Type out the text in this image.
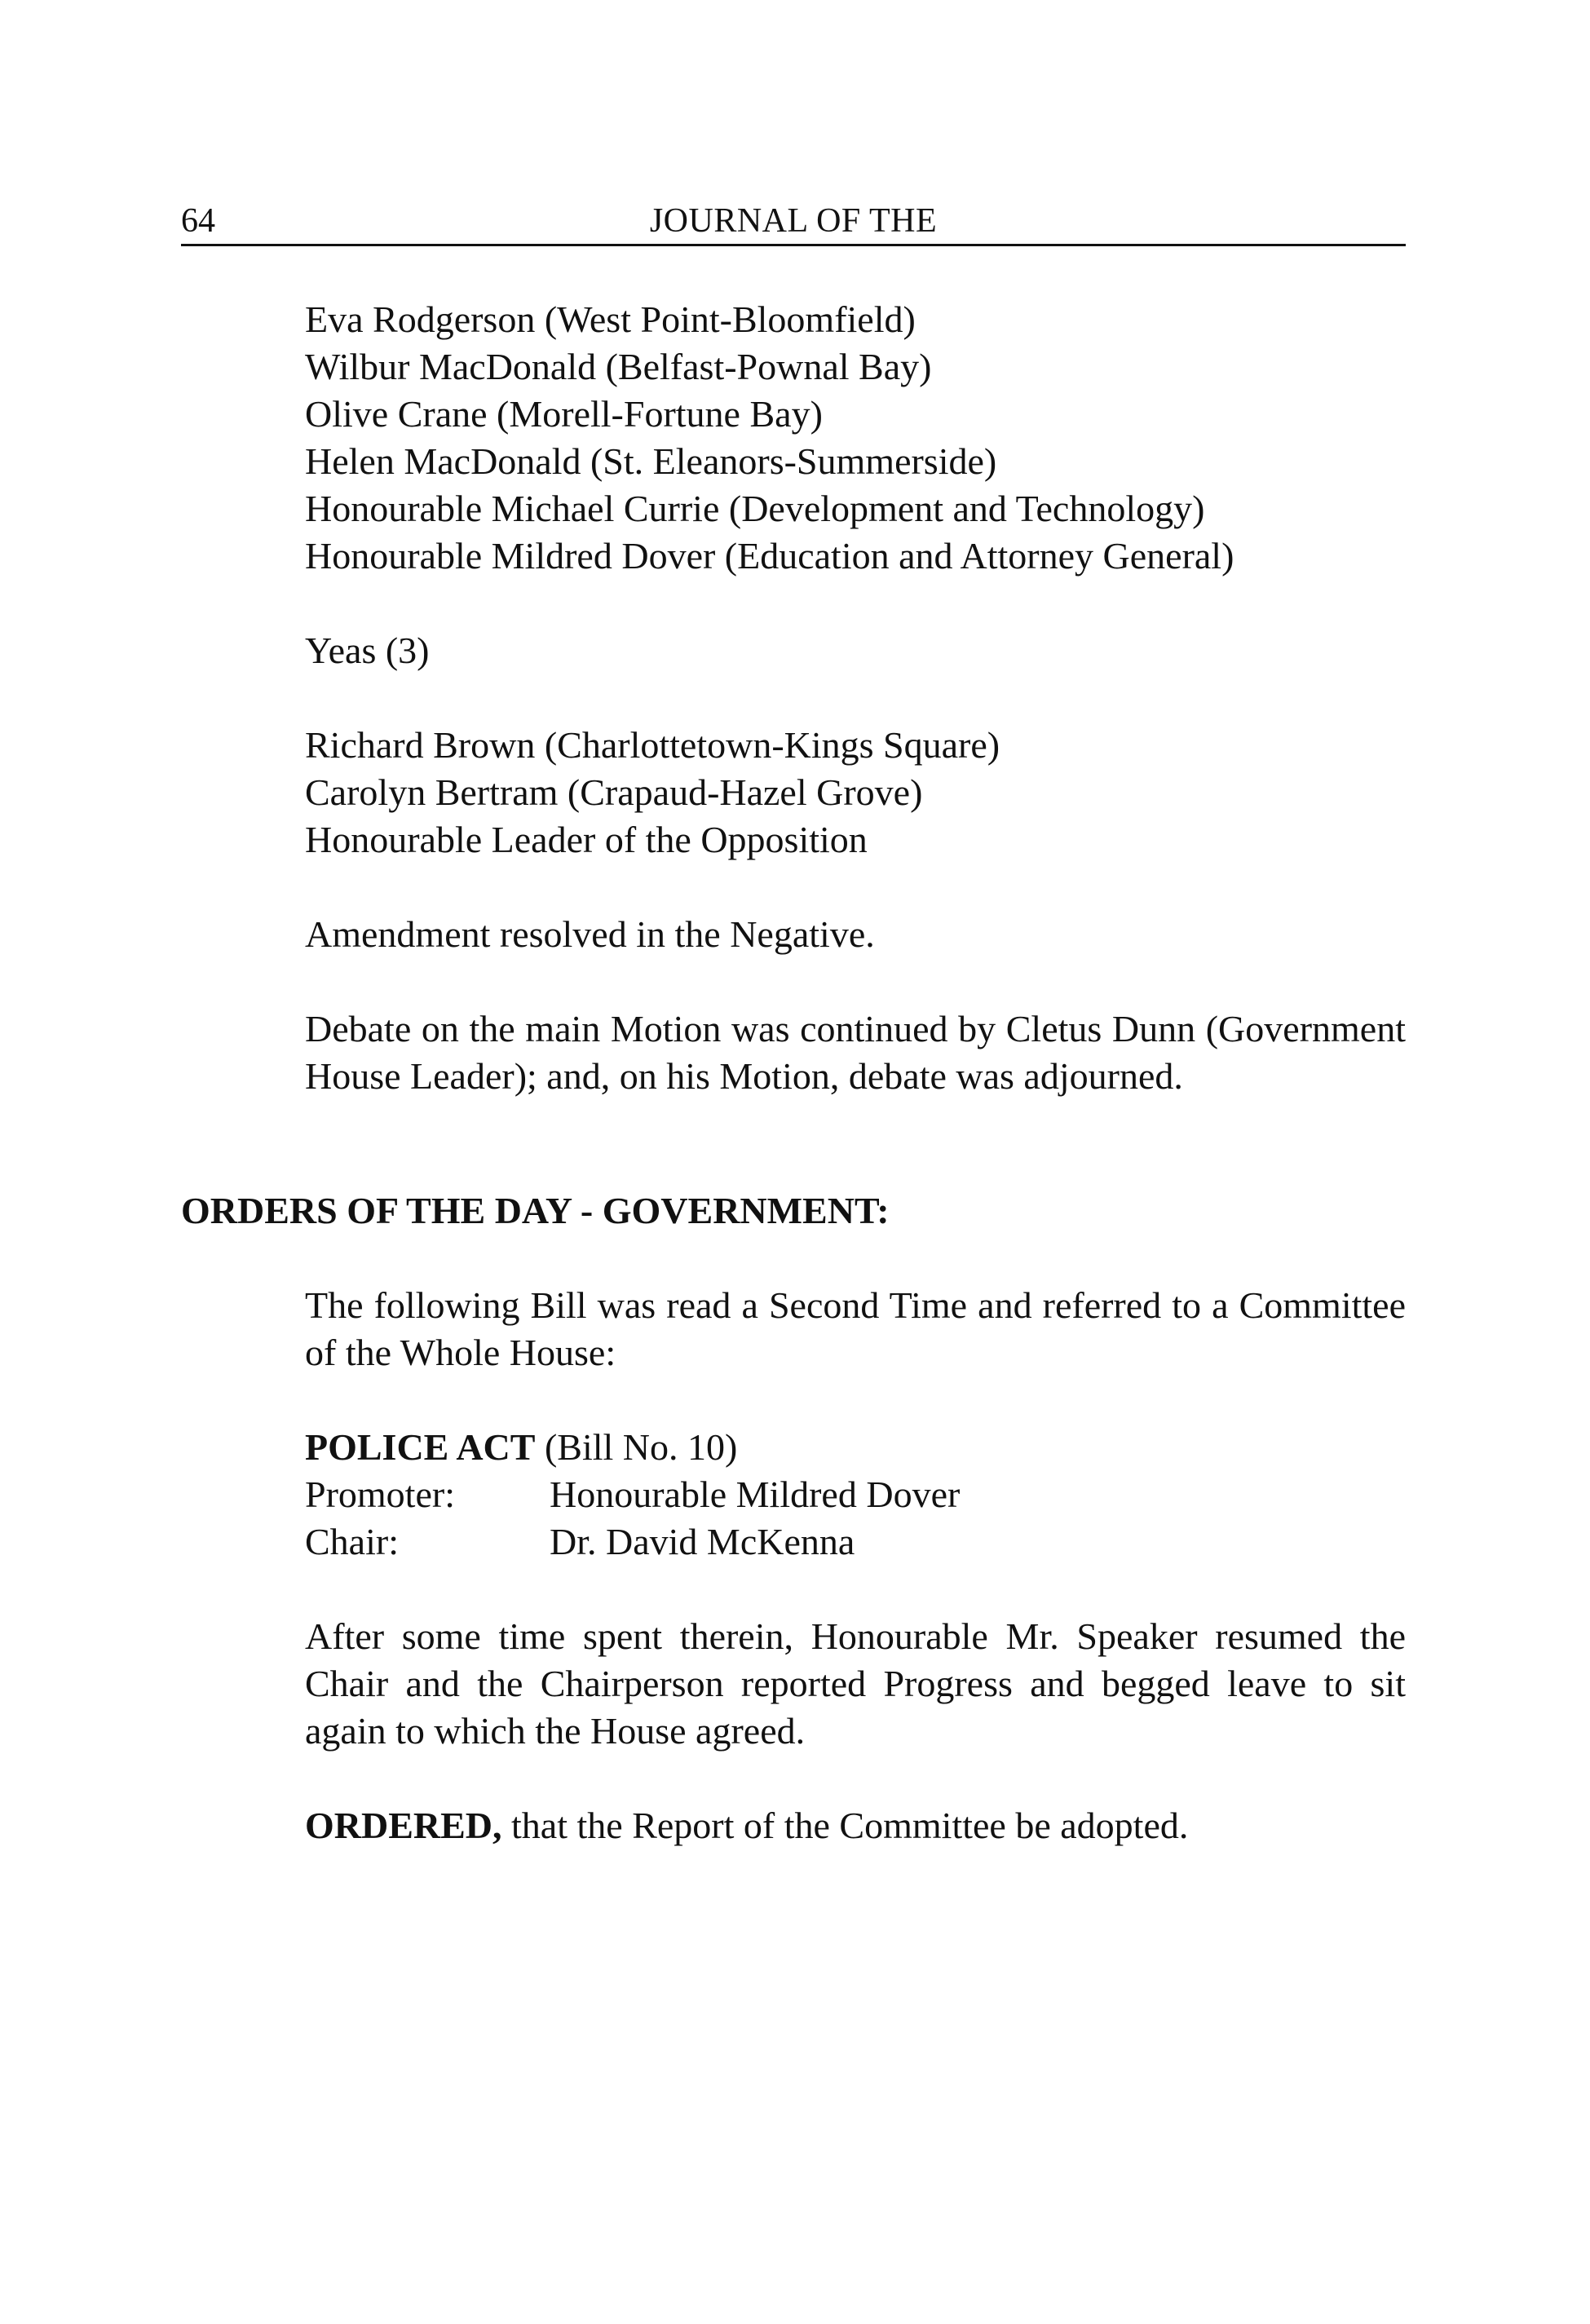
64	JOURNAL OF THE
Eva Rodgerson (West Point-Bloomfield)
Wilbur MacDonald (Belfast-Pownal Bay)
Olive Crane (Morell-Fortune Bay)
Helen MacDonald (St. Eleanors-Summerside)
Honourable Michael Currie (Development and Technology)
Honourable Mildred Dover (Education and Attorney General)
Yeas (3)
Richard Brown (Charlottetown-Kings Square)
Carolyn Bertram (Crapaud-Hazel Grove)
Honourable Leader of the Opposition
Amendment resolved in the Negative.
Debate on the main Motion was continued by Cletus Dunn (Government House Leader); and, on his Motion, debate was adjourned.
ORDERS OF THE DAY - GOVERNMENT:
The following Bill was read a Second Time and referred to a Committee of the Whole House:
POLICE ACT (Bill No. 10)
Promoter:	Honourable Mildred Dover
Chair:	Dr. David McKenna
After some time spent therein, Honourable Mr. Speaker resumed the Chair and the Chairperson reported Progress and begged leave to sit again to which the House agreed.
ORDERED, that the Report of the Committee be adopted.
